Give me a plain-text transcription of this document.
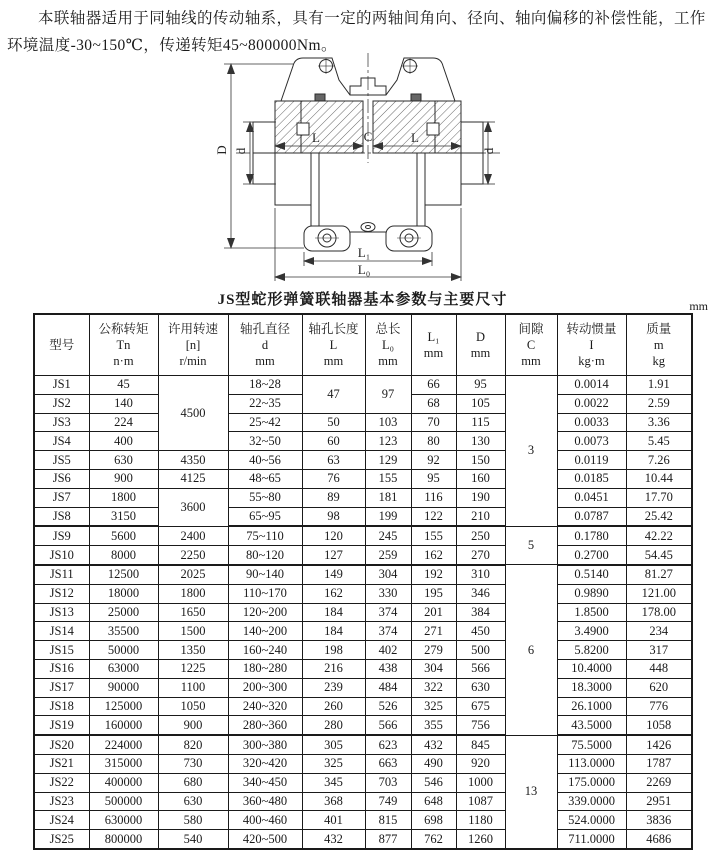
本联轴器适用于同轴线的传动轴系，具有一定的两轴间角向、径向、轴向偏移的补偿性能，工作环境温度-30~150℃，传递转矩45~800000Nm。
D d
L	C	L
d
L₁
L₀
JS型蛇形弹簧联轴器基本参数与主要尺寸	mm
型号

公称转矩
Tn
n·m

许用转速
[n]
r/min

轴孔直径
d
mm

轴孔长度
L
mm

总长
L₀
mm

L₁
mm

D
mm

间隙
C
mm

转动惯量
I
kg·m

质量
m
kg

JS1	45	4500	18~28	47	97	66	95	3	0.0014	1.91
JS2	140		22~35			68	105		0.0022	2.59
JS3	224		25~42	50	103	70	115		0.0033	3.36
JS4	400		32~50	60	123	80	130		0.0073	5.45
JS5	630	4350	40~56	63	129	92	150		0.0119	7.26
JS6	900	4125	48~65	76	155	95	160		0.0185	10.44
JS7	1800	3600	55~80	89	181	116	190		0.0451	17.70
JS8	3150		65~95	98	199	122	210		0.0787	25.42
JS9	5600	2400	75~110	120	245	155	250	5	0.1780	42.22
JS10	8000	2250	80~120	127	259	162	270		0.2700	54.45
JS11	12500	2025	90~140	149	304	192	310	6	0.5140	81.27
JS12	18000	1800	110~170	162	330	195	346		0.9890	121.00
JS13	25000	1650	120~200	184	374	201	384		1.8500	178.00
JS14	35500	1500	140~200	184	374	271	450		3.4900	234
JS15	50000	1350	160~240	198	402	279	500		5.8200	317
JS16	63000	1225	180~280	216	438	304	566		10.4000	448
JS17	90000	1100	200~300	239	484	322	630		18.3000	620
JS18	125000	1050	240~320	260	526	325	675		26.1000	776
JS19	160000	900	280~360	280	566	355	756		43.5000	1058
JS20	224000	820	300~380	305	623	432	845	13	75.5000	1426
JS21	315000	730	320~420	325	663	490	920		113.0000	1787
JS22	400000	680	340~450	345	703	546	1000		175.0000	2269
JS23	500000	630	360~480	368	749	648	1087		339.0000	2951
JS24	630000	580	400~460	401	815	698	1180		524.0000	3836
JS25	800000	540	420~500	432	877	762	1260		711.0000	4686
